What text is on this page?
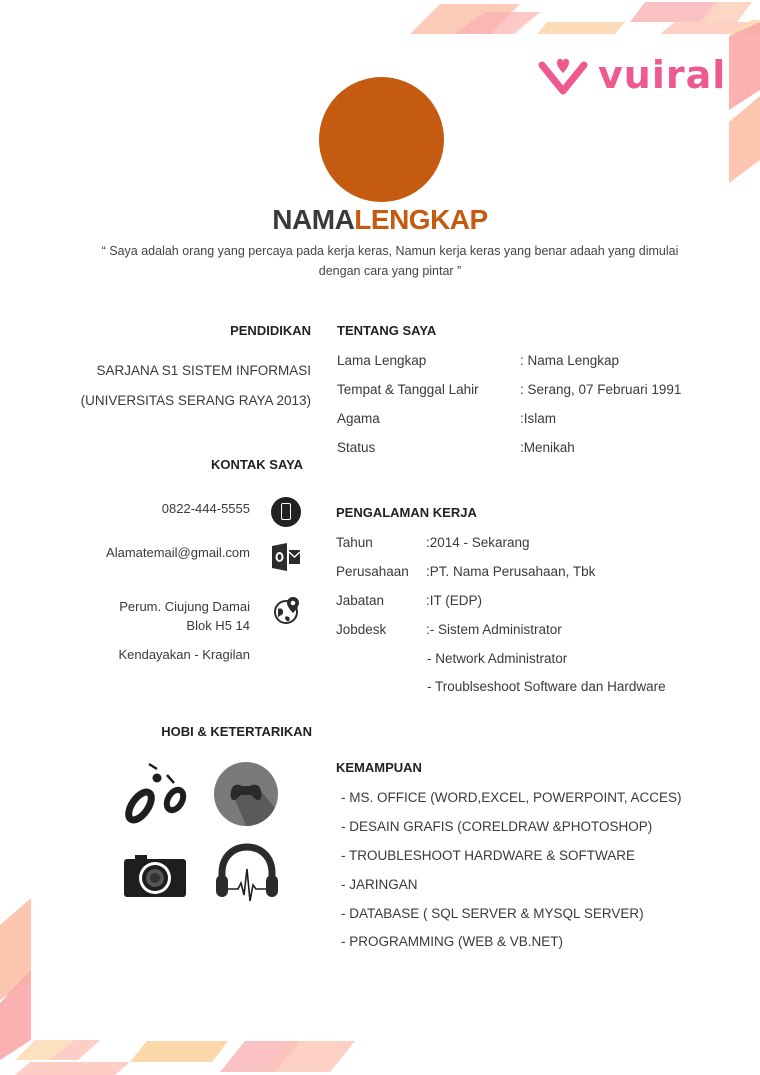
vuiral
NAMALENGKAP
“ Saya adalah orang yang percaya pada kerja keras, Namun kerja keras yang benar adaah yang dimulai
dengan cara yang pintar ”
PENDIDIKAN
SARJANA S1 SISTEM INFORMASI
(UNIVERSITAS SERANG RAYA 2013)
KONTAK SAYA
0822-444-5555
Alamatemail@gmail.com
Perum. Ciujung Damai
Blok H5 14
Kendayakan - Kragilan
TENTANG SAYA
Lama Lengkap	: Nama Lengkap
Tempat & Tanggal Lahir	: Serang, 07 Februari 1991
Agama	:Islam
Status	:Menikah
PENGALAMAN KERJA
Tahun	:2014 - Sekarang
Perusahaan :PT. Nama Perusahaan, Tbk
Jabatan	:IT (EDP)
Jobdesk	:- Sistem Administrator
- Network Administrator
- Troublseshoot Software dan Hardware
HOBI & KETERTARIKAN
KEMAMPUAN
- MS. OFFICE (WORD,EXCEL, POWERPOINT, ACCES)
- DESAIN GRAFIS (CORELDRAW &PHOTOSHOP)
- TROUBLESHOOT HARDWARE & SOFTWARE
- JARINGAN
- DATABASE ( SQL SERVER & MYSQL SERVER)
- PROGRAMMING (WEB & VB.NET)
